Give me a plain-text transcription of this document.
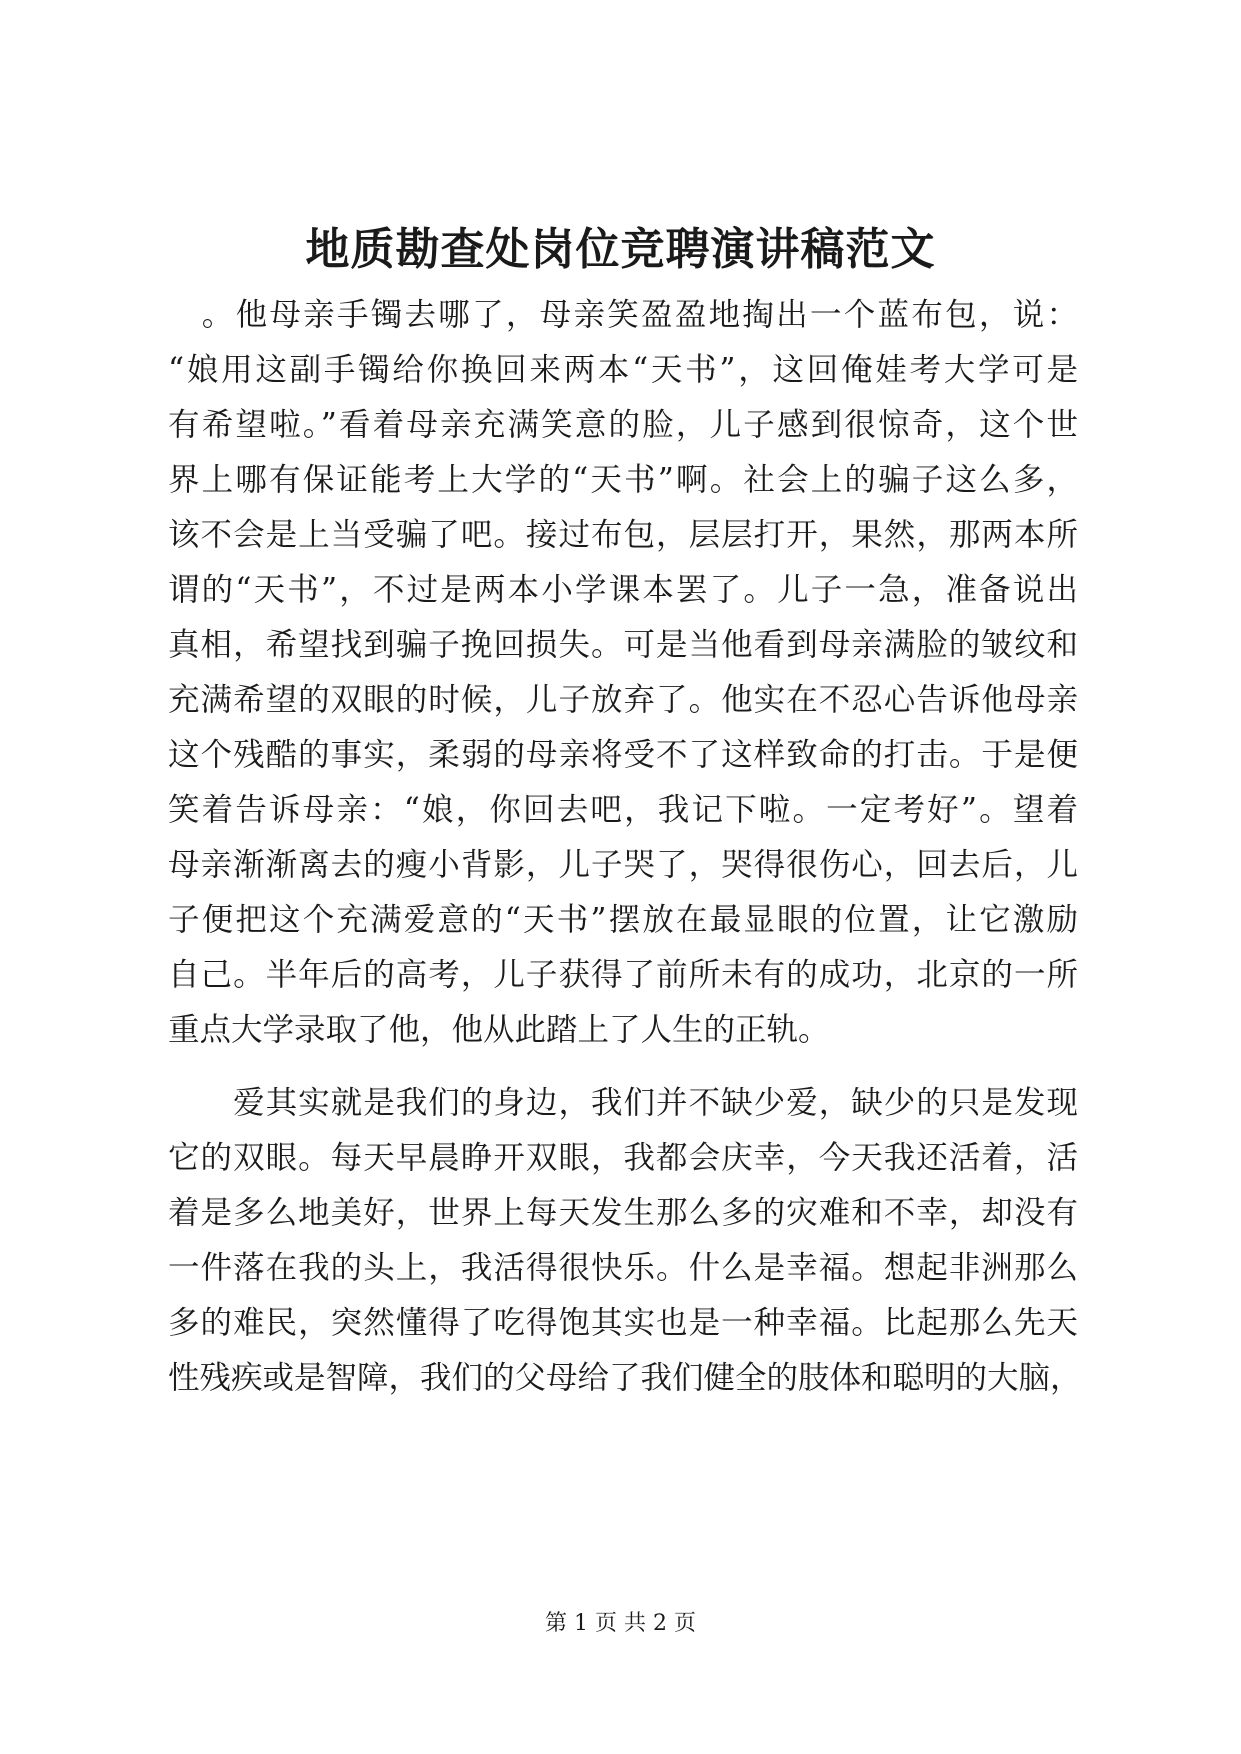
地质勘查处岗位竞聘演讲稿范文
　。他母亲手镯去哪了，母亲笑盈盈地掏出一个蓝布包，说：
“娘用这副手镯给你换回来两本“天书”，这回俺娃考大学可是
有希望啦。”看着母亲充满笑意的脸，儿子感到很惊奇，这个世
界上哪有保证能考上大学的“天书”啊。社会上的骗子这么多，
该不会是上当受骗了吧。接过布包，层层打开，果然，那两本所
谓的“天书”，不过是两本小学课本罢了。儿子一急，准备说出
真相，希望找到骗子挽回损失。可是当他看到母亲满脸的皱纹和
充满希望的双眼的时候，儿子放弃了。他实在不忍心告诉他母亲
这个残酷的事实，柔弱的母亲将受不了这样致命的打击。于是便
笑着告诉母亲：“娘，你回去吧，我记下啦。一定考好”。望着
母亲渐渐离去的瘦小背影，儿子哭了，哭得很伤心，回去后，儿
子便把这个充满爱意的“天书”摆放在最显眼的位置，让它激励
自己。半年后的高考，儿子获得了前所未有的成功，北京的一所
重点大学录取了他，他从此踏上了人生的正轨。
　　爱其实就是我们的身边，我们并不缺少爱，缺少的只是发现
它的双眼。每天早晨睁开双眼，我都会庆幸，今天我还活着，活
着是多么地美好，世界上每天发生那么多的灾难和不幸，却没有
一件落在我的头上，我活得很快乐。什么是幸福。想起非洲那么
多的难民，突然懂得了吃得饱其实也是一种幸福。比起那么先天
性残疾或是智障，我们的父母给了我们健全的肢体和聪明的大脑，
第 1 页 共 2 页
